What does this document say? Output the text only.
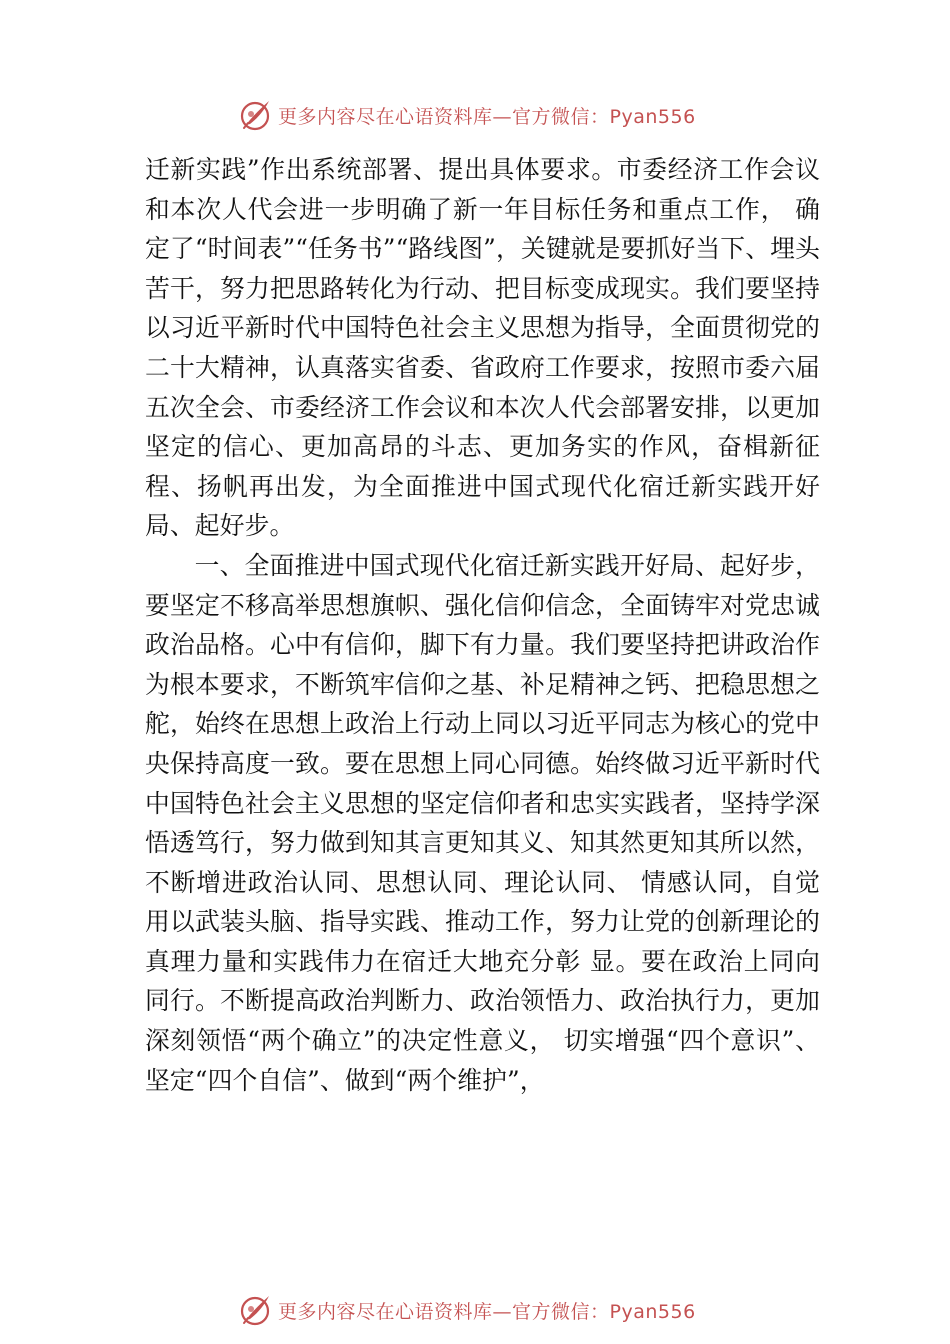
更多内容尽在心语资料库—官方微信：Pyan556

迁新实践”作出系统部署、提出具体要求。市委经济工作会议和本次人代会进一步明确了新一年目标任务和重点工作， 确定了“时间表”“任务书”“路线图”，关键就是要抓好当下、埋头苦干，努力把思路转化为行动、把目标变成现实。我们要坚持以习近平新时代中国特色社会主义思想为指导，全面贯彻党的二十大精神，认真落实省委、省政府工作要求，按照市委六届五次全会、市委经济工作会议和本次人代会部署安排，以更加坚定的信心、更加高昂的斗志、更加务实的作风，奋楫新征程、扬帆再出发，为全面推进中国式现代化宿迁新实践开好局、起好步。

一、全面推进中国式现代化宿迁新实践开好局、起好步，要坚定不移高举思想旗帜、强化信仰信念，全面铸牢对党忠诚政治品格。心中有信仰，脚下有力量。我们要坚持把讲政治作为根本要求，不断筑牢信仰之基、补足精神之钙、把稳思想之舵，始终在思想上政治上行动上同以习近平同志为核心的党中央保持高度一致。要在思想上同心同德。始终做习近平新时代中国特色社会主义思想的坚定信仰者和忠实实践者，坚持学深悟透笃行，努力做到知其言更知其义、知其然更知其所以然，不断增进政治认同、思想认同、理论认同、 情感认同，自觉用以武装头脑、指导实践、推动工作，努力让党的创新理论的真理力量和实践伟力在宿迁大地充分彰 显。要在政治上同向同行。不断提高政治判断力、政治领悟力、政治执行力，更加深刻领悟“两个确立”的决定性意义， 切实增强“四个意识”、坚定“四个自信”、做到“两个维护”，

更多内容尽在心语资料库—官方微信：Pyan556
